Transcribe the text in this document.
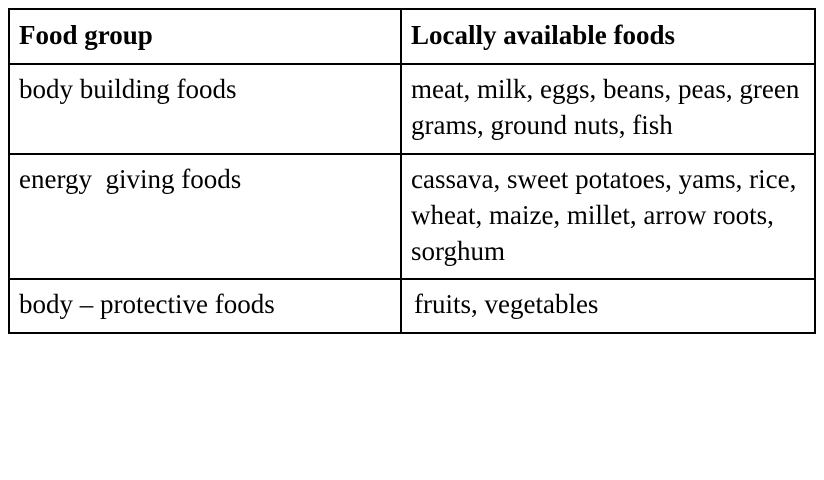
Food group	Locally available foods
body building foods	meat, milk, eggs, beans, peas, green grams, ground nuts, fish
energy  giving foods	cassava, sweet potatoes, yams, rice, wheat, maize, millet, arrow roots, sorghum
body – protective foods	fruits, vegetables
